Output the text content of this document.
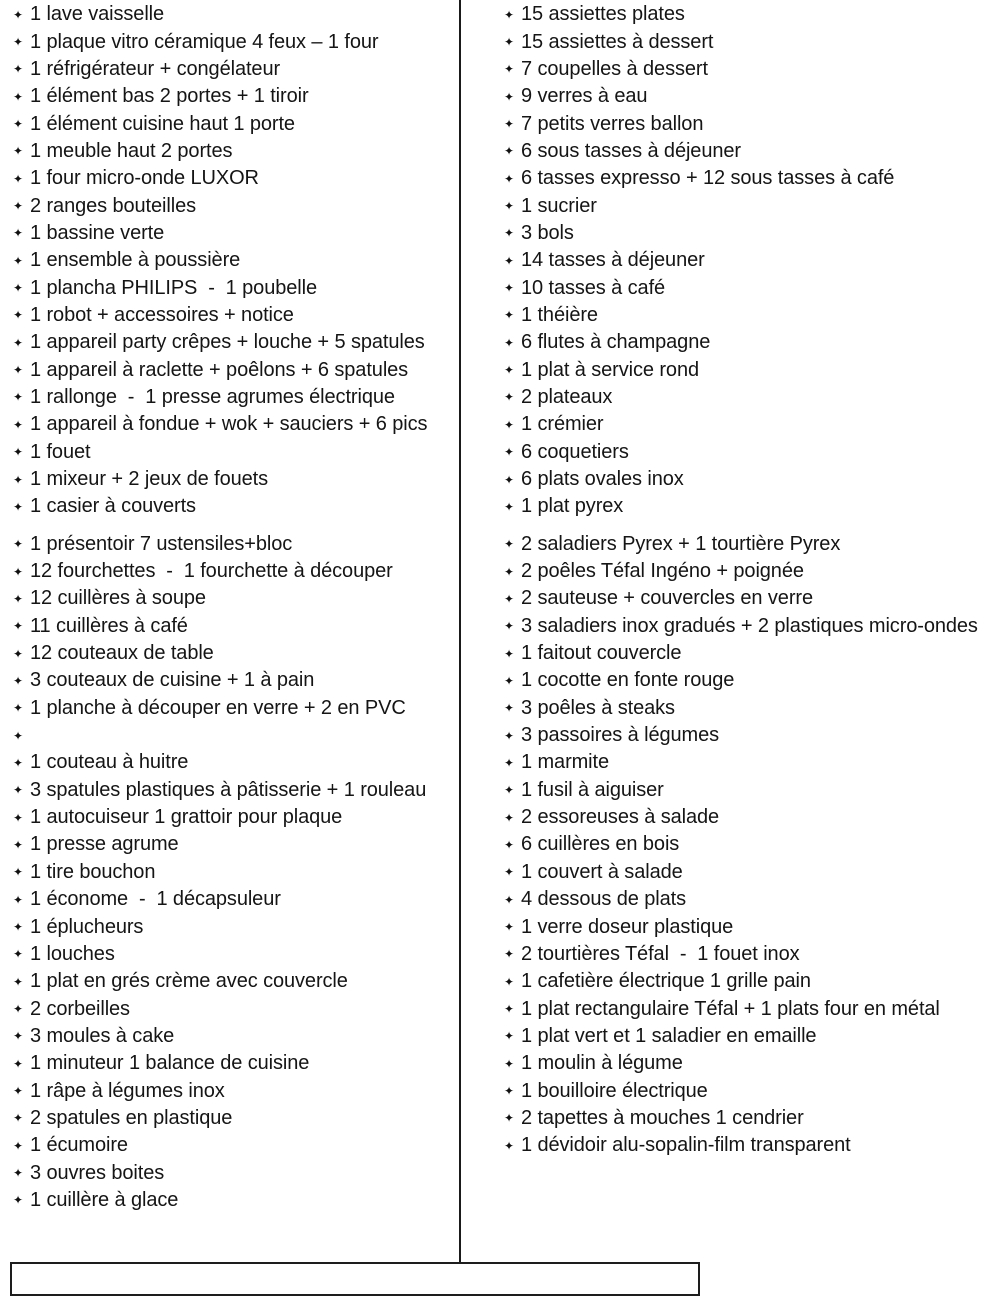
✦ 1 lave vaisselle
✦ 1 plaque vitro céramique 4 feux – 1 four
✦ 1 réfrigérateur + congélateur
✦ 1 élément bas 2 portes + 1 tiroir
✦ 1 élément cuisine haut 1 porte
✦ 1 meuble haut 2 portes
✦ 1 four micro-onde LUXOR
✦ 2 ranges bouteilles
✦ 1 bassine verte
✦ 1 ensemble à poussière
✦ 1 plancha PHILIPS  -  1 poubelle
✦ 1 robot + accessoires + notice
✦ 1 appareil party crêpes + louche + 5 spatules
✦ 1 appareil à raclette + poêlons + 6 spatules
✦ 1 rallonge  -  1 presse agrumes électrique
✦ 1 appareil à fondue + wok + sauciers + 6 pics
✦ 1 fouet
✦ 1 mixeur + 2 jeux de fouets
✦ 1 casier à couverts
✦ 1 présentoir 7 ustensiles+bloc
✦ 12 fourchettes  -  1 fourchette à découper
✦ 12 cuillères à soupe
✦ 11 cuillères à café
✦ 12 couteaux de table
✦ 3 couteaux de cuisine + 1 à pain
✦ 1 planche à découper en verre + 2 en PVC
✦
✦ 1 couteau à huitre
✦ 3 spatules plastiques à pâtisserie + 1 rouleau
✦ 1 autocuiseur 1 grattoir pour plaque
✦ 1 presse agrume
✦ 1 tire bouchon
✦ 1 économe  -  1 décapsuleur
✦ 1 éplucheurs
✦ 1 louches
✦ 1 plat en grés crème avec couvercle
✦ 2 corbeilles
✦ 3 moules à cake
✦ 1 minuteur 1 balance de cuisine
✦ 1 râpe à légumes inox
✦ 2 spatules en plastique
✦ 1 écumoire
✦ 3 ouvres boites
✦ 1 cuillère à glace
✦ 15 assiettes plates
✦ 15 assiettes à dessert
✦ 7 coupelles à dessert
✦ 9 verres à eau
✦ 7 petits verres ballon
✦ 6 sous tasses à déjeuner
✦ 6 tasses expresso + 12 sous tasses à café
✦ 1 sucrier
✦ 3 bols
✦ 14 tasses à déjeuner
✦ 10 tasses à café
✦ 1 théière
✦ 6 flutes à champagne
✦ 1 plat à service rond
✦ 2 plateaux
✦ 1 crémier
✦ 6 coquetiers
✦ 6 plats ovales inox
✦ 1 plat pyrex
✦ 2 saladiers Pyrex + 1 tourtière Pyrex
✦ 2 poêles Téfal Ingéno + poignée
✦ 2 sauteuse + couvercles en verre
✦ 3 saladiers inox gradués + 2 plastiques micro-ondes
✦ 1 faitout couvercle
✦ 1 cocotte en fonte rouge
✦ 3 poêles à steaks
✦ 3 passoires à légumes
✦ 1 marmite
✦ 1 fusil à aiguiser
✦ 2 essoreuses à salade
✦ 6 cuillères en bois
✦ 1 couvert à salade
✦ 4 dessous de plats
✦ 1 verre doseur plastique
✦ 2 tourtières Téfal  -  1 fouet inox
✦ 1 cafetière électrique 1 grille pain
✦ 1 plat rectangulaire Téfal + 1 plats four en métal
✦ 1 plat vert et 1 saladier en emaille
✦ 1 moulin à légume
✦ 1 bouilloire électrique
✦ 2 tapettes à mouches 1 cendrier
✦ 1 dévidoir alu-sopalin-film transparent
